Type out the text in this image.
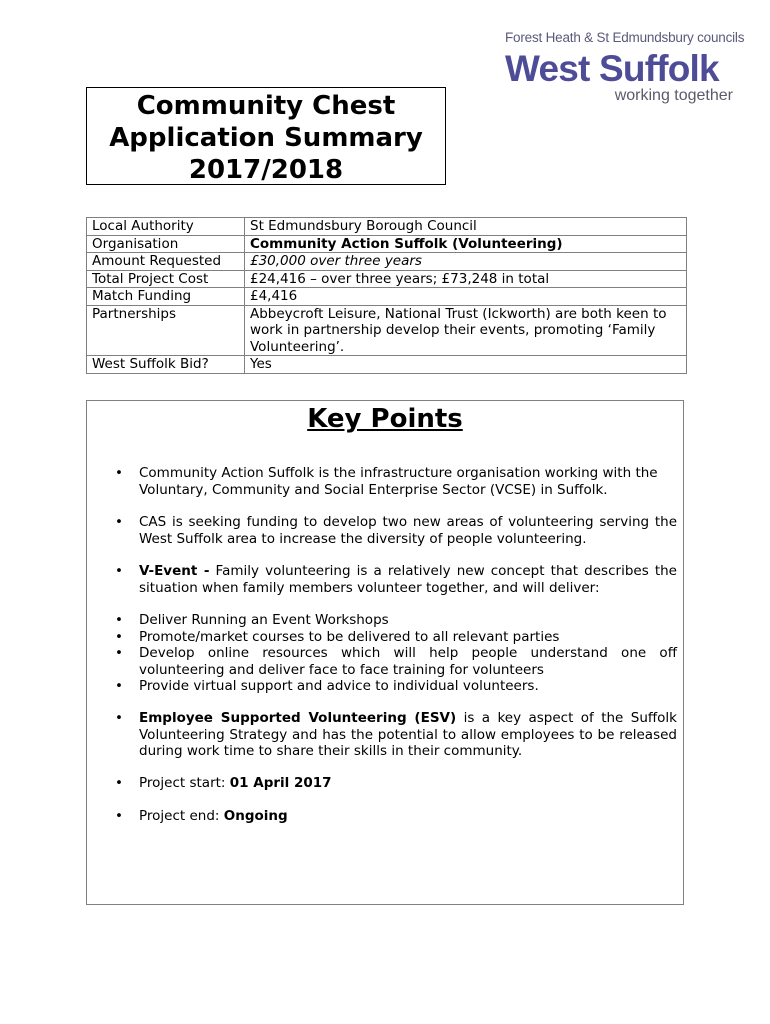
Forest Heath & St Edmundsbury councils
West Suffolk
working together
Community Chest
Application Summary
2017/2018
Local Authority	St Edmundsbury Borough Council
Organisation	Community Action Suffolk (Volunteering)
Amount Requested	£30,000 over three years
Total Project Cost	£24,416 – over three years; £73,248 in total
Match Funding	£4,416
Partnerships	Abbeycroft Leisure, National Trust (Ickworth) are both keen to work in partnership develop their events, promoting ‘Family Volunteering’.
West Suffolk Bid?	Yes
Key Points
• Community Action Suffolk is the infrastructure organisation working with the Voluntary, Community and Social Enterprise Sector (VCSE) in Suffolk.
• CAS is seeking funding to develop two new areas of volunteering serving the West Suffolk area to increase the diversity of people volunteering.
• V-Event - Family volunteering is a relatively new concept that describes the situation when family members volunteer together, and will deliver:
• Deliver Running an Event Workshops
• Promote/market courses to be delivered to all relevant parties
• Develop online resources which will help people understand one off volunteering and deliver face to face training for volunteers
• Provide virtual support and advice to individual volunteers.
• Employee Supported Volunteering (ESV) is a key aspect of the Suffolk Volunteering Strategy and has the potential to allow employees to be released during work time to share their skills in their community.
• Project start: 01 April 2017
• Project end: Ongoing
